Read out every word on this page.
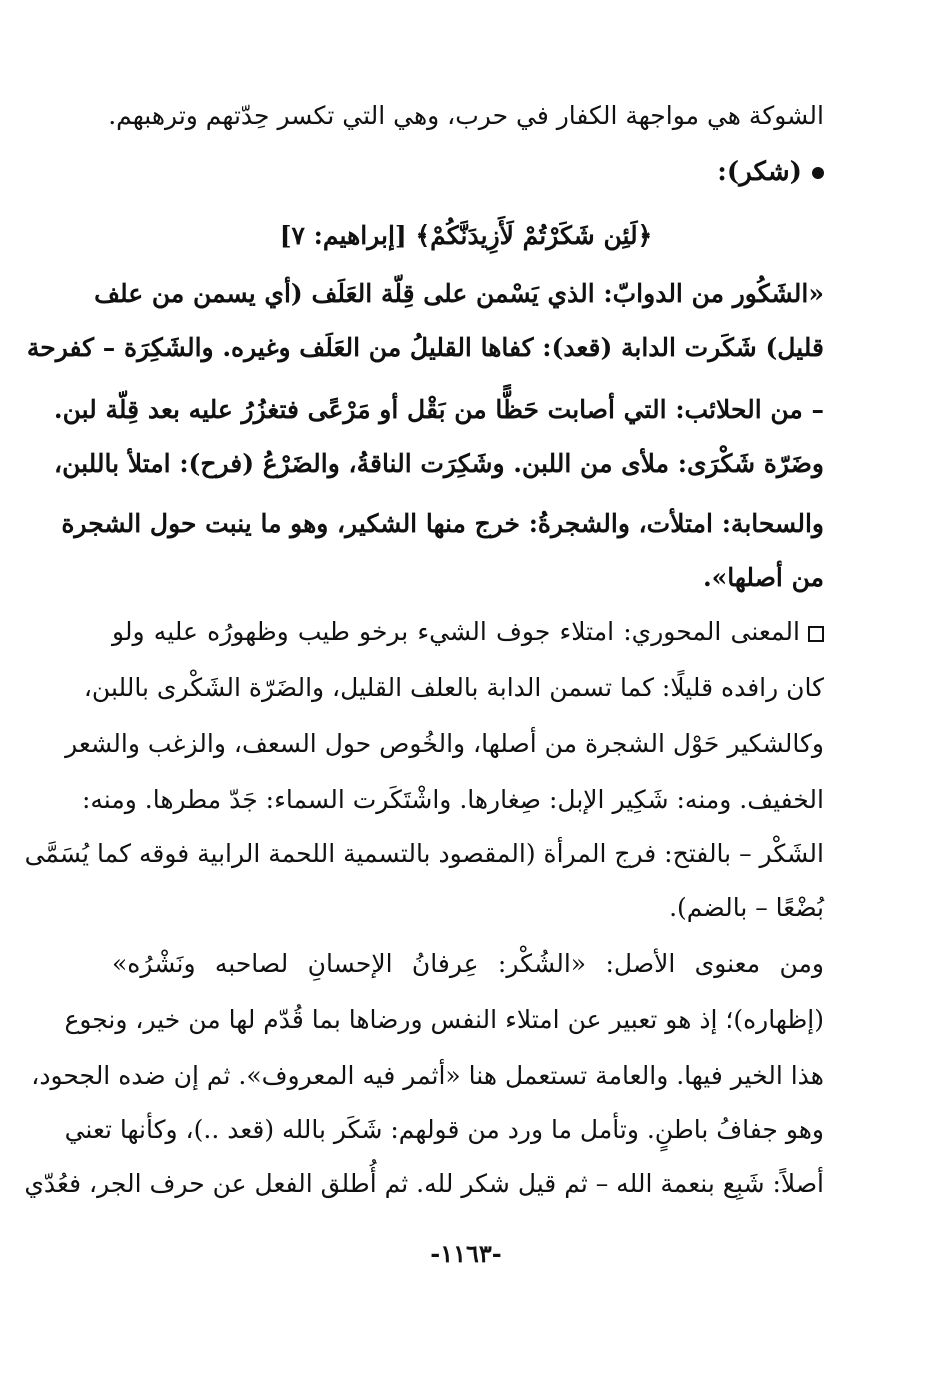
الشوكة هي مواجهة الكفار في حرب، وهي التي تكسر حِدّتهم وترهبهم.
(شكر):
﴿لَئِن شَكَرْتُمْ لَأَزِيدَنَّكُمْ﴾ [إبراهيم: ٧]
«الشَكُور من الدوابّ: الذي يَسْمن على قِلّة العَلَف (أي يسمن من علف
قليل) شَكَرت الدابة (قعد): كفاها القليلُ من العَلَف وغيره. والشَكِرَة – كفرحة
– من الحلائب: التي أصابت حَظًّا من بَقْل أو مَرْعًى فتغزُرُ عليه بعد قِلّة لبن.
وضَرّة شَكْرَى: ملأى من اللبن. وشَكِرَت الناقةُ، والضَرْعُ (فرح): امتلأ باللبن،
والسحابة: امتلأت، والشجرةُ: خرج منها الشكير، وهو ما ينبت حول الشجرة
من أصلها».
المعنى المحوري: امتلاء جوف الشيء برخو طيب وظهورُه عليه ولو
كان رافده قليلًا: كما تسمن الدابة بالعلف القليل، والضَرّة الشَكْرى باللبن،
وكالشكير حَوْل الشجرة من أصلها، والخُوص حول السعف، والزغب والشعر
الخفيف. ومنه: شَكِير الإبل: صِغارها. واشْتَكَرت السماء: جَدّ مطرها. ومنه:
الشَكْر – بالفتح: فرج المرأة (المقصود بالتسمية اللحمة الرابية فوقه كما يُسَمَّى
بُضْعًا – بالضم).
ومن معنوى الأصل: «الشُكْر: عِرفانُ الإحسانِ لصاحبه ونَشْرُه»
(إظهاره)؛ إذ هو تعبير عن امتلاء النفس ورضاها بما قُدّم لها من خير، ونجوع
هذا الخير فيها. والعامة تستعمل هنا «أثمر فيه المعروف». ثم إن ضده الجحود،
وهو جفافُ باطنٍ. وتأمل ما ورد من قولهم: شَكَر بالله (قعد ..)، وكأنها تعني
أصلاً: شَبِع بنعمة الله – ثم قيل شكر لله. ثم أُطلق الفعل عن حرف الجر، فعُدّي
-١١٦٣-
